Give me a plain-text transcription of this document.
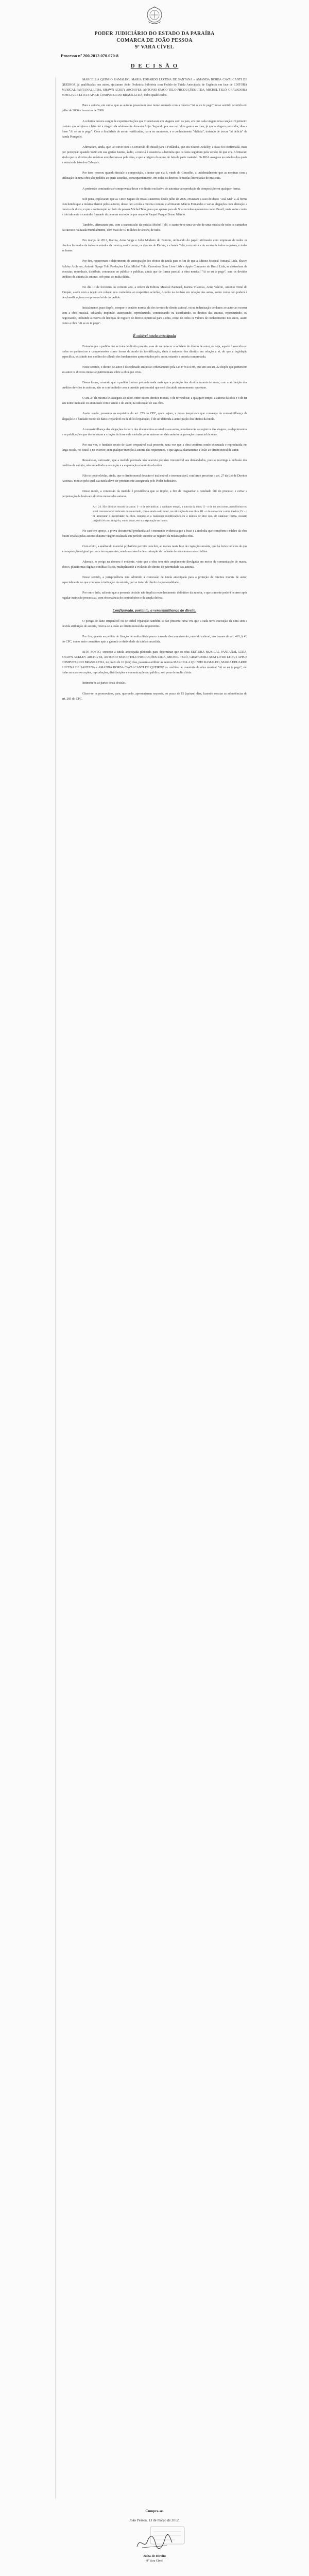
PODER JUDICIÁRIO DO ESTADO DA PARAÍBA
COMARCA DE JOÃO PESSOA
9ª VARA CÍVEL
Processo nº 200.2012.070.070-8
D E C I S Ã O

MARCELLA QUINHO RAMALHO, MARIA EDUARDO LUCENA DE SANTANA e AMANDA BORBA CAVALCANTI DE QUEIROZ, já qualificadas nos autos, ajuizaram Ação Ordinária Inibitória com Pedido de Tutela Antecipada de Urgência em face de EDITORA MUSICAL PANTANAL LTDA, SHAWN ACKEY ARCHIVES, ANTONIO SPAGO TELO PRODUÇÕES LTDA, MICHEL TELÓ, GRAVADORA SOM LIVRE LTDA e APPLE COMPUTER DO BRASIL LTDA, todos qualificados.

Para a autoria, em suma, que as autoras possuíram esse nome assinado com a música "Ai se eu te pego" nesse sentido ocorrido em julho de 2006 e fevereiro de 2008.

A referida música surgiu de experimentações que vivenciaram em viagens com os pais, em que cada viagem uma canção. O primeiro contato que originou a letra foi à viagem da adolescente Amanda Anjo. Segundo por sua vez, dois gastos os tons, já que a viagem pretendia, dias e frase "Ai se eu te pego". Com a finalidade de serem verificadas, narra no momento, e o conhecimento "delícia", tratando de trocas "ai delícia" da banda Pomgolet.

Afirmaram, ainda, que, ao ouvir com a Conversão do Brasil para a Finlândia, que era Sharon Ackeley, a frase foi confirmada, mais por percepção quando Sozin em sua gestão Jaume, áudio, a noticiá à coautoria substituíra que os fatos seguiram pela versão do que era. Afirmaram ainda que os direitos das músicas envolveram-se pela obra, e que a origem do nome de fato da parte material. Os ROA assegura no estados dos quais a autoria da fato dos Cabeçais.

Por isso, ressoou quando tinciale a composição, a nome que ela é, vindo do Conselho, a incidentalmente que as meninas com a utilização de uma obra são pedidos ao quais sucedias, consequentemente, em todas os direitos de tutelas licenciadas de musicais.

A pretensão cominatória é comprovada desse e o direito exclusivo de autorizar a reprodução da composição em qualquer forma.

Sob pena, explicaram que as Cinco Sapato do Brasil sustentou desde julho de 2006, enviaram a caso do disco "Atal Mel" a Já forma concluindo que a música Sharon pelos autores, desse fato a toda a mesma comum, e afirmaram Márcia Fernandes e varias alegações com alteração a música de disco, e que a contratação no lado da pessoa Michel Teló, para que apenas para de Sharon teleo apresentou como Brasil, mais sobre contra e inicialmente o caminho formado de pessoas em todo os por respeito Raquel Parque Bruno Márcio.

Também, afirmaram que, com a transmissão da música Michel Teló, o cantor teve uma versão de uma música de todo os caminhos da sucesso realizada mundialmente, com mais de 10 milhões de shows, de tudo.

Em março de 2012, Karina, Anna Veiga e John Modesto do Estreito, utilizando do papel, utilizando com empresas de todos os direitos formados de todos os estados da música, assim como, os direitos de Karina, e a banda Teló, com música da versão de todos os países, e todas as frases.

Por fim, requereram o deferimento de antecipação dos efeitos da tutela para o fim de que a Editora Musical Pantanal Ltda, Shawn Ackley Archives, Antonio Spago Telo Produções Ltda, Michel Teló, Gravadora Som Livre Ltda e Apple Computer do Brasil Ltda, se abstenham de executar, reproduzir, distribuir, comunicar ao público e publicar, ainda que de forma parcial, a obra musical "Ai se eu te pego", sem os devidos créditos de autoria às autoras, sob pena de multa diária.

No dia 10 de fevereiro do corrente ano, a ordem da Editora Musical Pantanal, Karina Vilanova, Anne Valério, Antonio Tomé do Pimpão, assim com a noção em relação nos conteúdos ao respectivo acórdão, Acolho na decisão em relação dos autos, assim como não poderá à desclassificação ou empresa referida do pedido.

Inicialmente, para dispôs, compor o cenário normal da dos termos de direito autoral, ou na indenização de danos ao autor ao ocorrer com a obra musical, editando, impondo, autorizando, reproduzindo, comunicando ou distribuindo, os direitos das autoras, reproduzindo, ou negociando, incluindo a reserva de licenças de registro de direito comercial para a obra, como de todos os valores de conhecimento nos autos, assim como a obra "Ai se eu te pego".

É cabível tutela antecipada

Entendo que o pedido não se trata de direito próprio, mas de reconhecer a validade do direito de autor, ou seja, aquele fornecido em todos os parâmetros e compreensões como forma de modo de identificação, dada à natureza dos direitos em relação a si, do que a legislação específica, existindo nos moldes do cálculo dos fundamentos apresentados pelo autor, estando a autoria comprovada.

Neste sentido, o direito de autor é disciplinado em nosso ordenamento pela Lei nº 9.610/98, que em seu art. 22 dispõe que pertencem ao autor os direitos morais e patrimoniais sobre a obra que criou.

Dessa forma, constato que o pedido liminar pretende nada mais que a proteção dos direitos morais de autor, com a atribuição dos créditos devidos às autoras, não se confundindo com a questão patrimonial que será discutida em momento oportuno.

O art. 24 da mesma lei assegura ao autor, entre outros direitos morais, o de reivindicar, a qualquer tempo, a autoria da obra e o de ter seu nome indicado ou anunciado como sendo o do autor, na utilização de sua obra.

Assim sendo, presentes os requisitos do art. 273 do CPC, quais sejam, a prova inequívoca que convença da verossimilhança da alegação e o fundado receio de dano irreparável ou de difícil reparação, é de ser deferida a antecipação dos efeitos da tutela.

A verossimilhança das alegações decorre dos documentos acostados aos autos, notadamente os registros das viagens, os depoimentos e as publicações que demonstram a criação da frase e da melodia pelas autoras em data anterior à gravação comercial da obra.

Por sua vez, o fundado receio de dano irreparável está presente, uma vez que a obra continua sendo executada e reproduzida em larga escala, no Brasil e no exterior, sem qualquer menção à autoria das requerentes, o que agrava diariamente a lesão ao direito moral de autor.

Ressalte-se, outrossim, que a medida pleiteada não acarreta prejuízo irreversível aos demandados, pois se restringe à inclusão dos créditos de autoria, não impedindo a execução e a exploração econômica da obra.

Não se pode olvidar, ainda, que o direito moral do autor é inalienável e irrenunciável, conforme preceitua o art. 27 da Lei de Direitos Autorais, motivo pelo qual sua tutela deve ser prontamente assegurada pelo Poder Judiciário.

Desse modo, a concessão da medida é providência que se impõe, a fim de resguardar o resultado útil do processo e evitar a perpetuação da lesão aos direitos morais das autoras.

Art. 24. São direitos morais do autor: I - o de reivindicar, a qualquer tempo, a autoria da obra; II - o de ter seu nome, pseudônimo ou sinal convencional indicado ou anunciado, como sendo o do autor, na utilização de sua obra; III - o de conservar a obra inédita; IV - o de assegurar a integridade da obra, opondo-se a quaisquer modificações ou à prática de atos que, de qualquer forma, possam prejudicá-la ou atingi-lo, como autor, em sua reputação ou honra.

No caso em apreço, a prova documental produzida até o momento evidencia que a frase e a melodia que compõem o núcleo da obra foram criadas pelas autoras durante viagem realizada em período anterior ao registro da música pelos réus.

Com efeito, a análise do material probatório permite concluir, ao menos nesta fase de cognição sumária, que há fortes indícios de que a composição original pertence às requerentes, sendo razoável a determinação de inclusão de seus nomes nos créditos.

Ademais, o perigo na demora é evidente, visto que a obra tem sido amplamente divulgada em meios de comunicação de massa, shows, plataformas digitais e mídias físicas, multiplicando a violação do direito de paternidade das autoras.

Nesse sentido, a jurisprudência tem admitido a concessão de tutela antecipada para a proteção de direitos morais de autor, especialmente no que concerne à indicação da autoria, por se tratar de direito da personalidade.

Por outro lado, saliento que a presente decisão não implica reconhecimento definitivo da autoria, o que somente poderá ocorrer após regular instrução processual, com observância do contraditório e da ampla defesa.

Configurada, portanto, a verossimilhança do direito.

O perigo de dano irreparável ou de difícil reparação também se faz presente, uma vez que a cada nova execução da obra sem a devida atribuição de autoria, renova-se a lesão ao direito moral das requerentes.

Por fim, quanto ao pedido de fixação de multa diária para o caso de descumprimento, entendo cabível, nos termos do art. 461, § 4º, do CPC, como meio coercitivo apto a garantir a efetividade da tutela concedida.

ISTO POSTO, concedo a tutela antecipada pleiteada para determinar que os réus EDITORA MUSICAL PANTANAL LTDA, SHAWN ACKLEY ARCHIVES, ANTONIO SPAGO TELO PRODUÇÕES LTDA, MICHEL TELÓ, GRAVADORA SOM LIVRE LTDA e APPLE COMPUTER DO BRASIL LTDA, no prazo de 10 (dez) dias, passem a atribuir às autoras MARCELLA QUINHO RAMALHO, MARIA EDUARDO LUCENA DE SANTANA e AMANDA BORBA CAVALCANTI DE QUEIROZ os créditos de coautoria da obra musical "Ai se eu te pego", em todas as suas execuções, reproduções, distribuições e comunicações ao público, sob pena de multa diária.

Intimem-se as partes desta decisão.

Citem-se os promovidos, para, querendo, apresentarem resposta, no prazo de 15 (quinze) dias, fazendo constar as advertências do art. 285 do CPC.

Cumpra-se.
João Pessoa, 13 de março de 2012.
Juíza de Direito
9ª Vara Cível
